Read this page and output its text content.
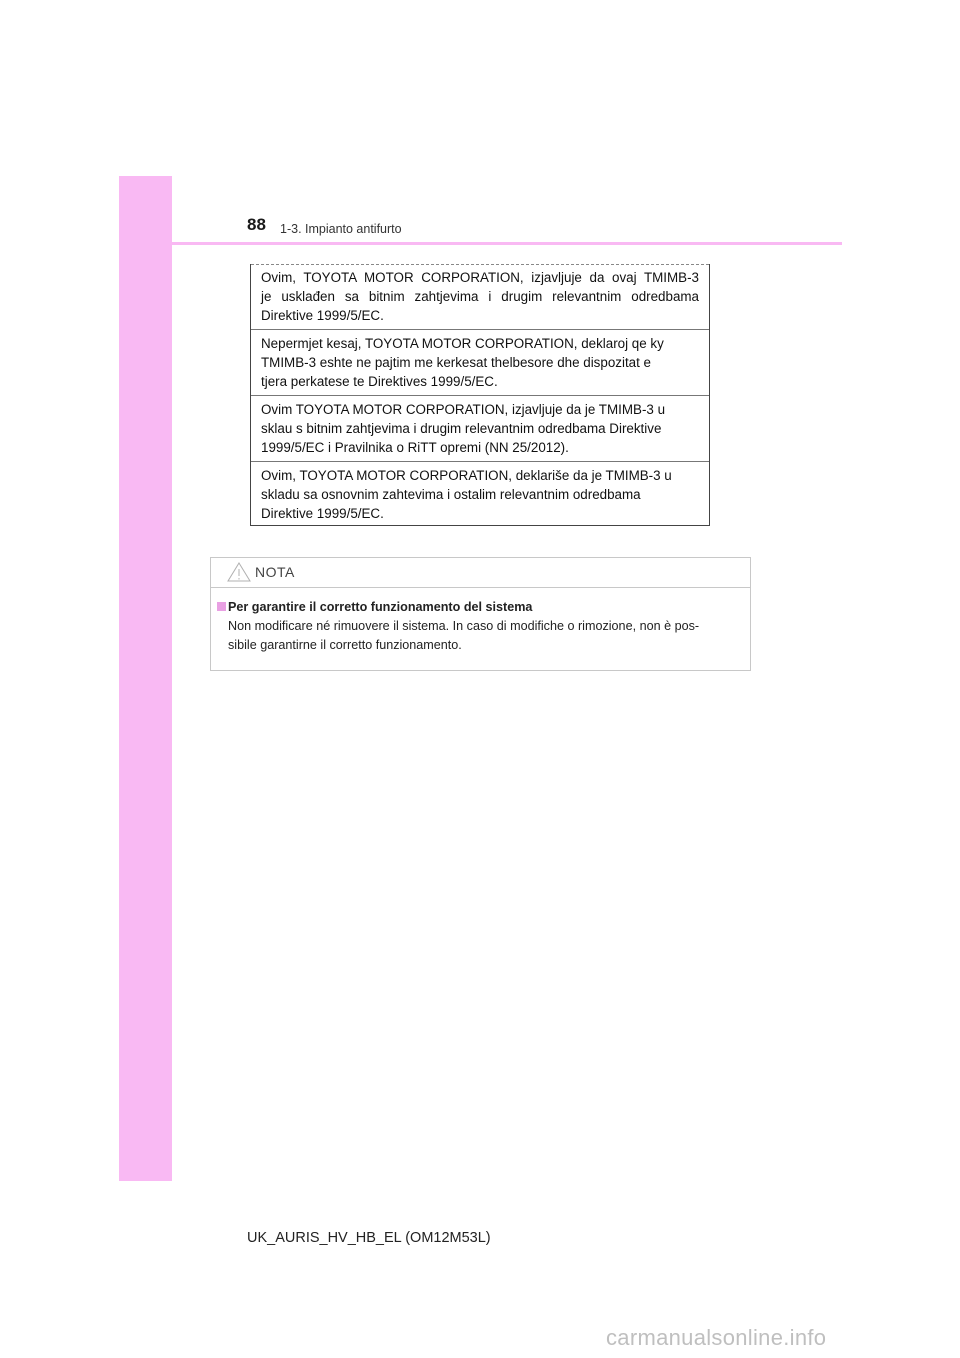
88 1-3. Impianto antifurto

Ovim, TOYOTA MOTOR CORPORATION, izjavljuje da ovaj TMIMB-3

je usklađen sa bitnim zahtjevima i drugim relevantnim odredbama

Direktive 1999/5/EC.

Nepermjet kesaj, TOYOTA MOTOR CORPORATION, deklaroj qe ky

TMIMB-3 eshte ne pajtim me kerkesat thelbesore dhe dispozitat e

tjera perkatese te Direktives 1999/5/EC.

Ovim TOYOTA MOTOR CORPORATION, izjavljuje da je TMIMB-3 u

sklau s bitnim zahtjevima i drugim relevantnim odredbama Direktive

1999/5/EC i Pravilnika o RiTT opremi (NN 25/2012).

Ovim, TOYOTA MOTOR CORPORATION, deklariše da je TMIMB-3 u

skladu sa osnovnim zahtevima i ostalim relevantnim odredbama

Direktive 1999/5/EC.

NOTA
Per garantire il corretto funzionamento del sistema
Non modificare né rimuovere il sistema. In caso di modifiche o rimozione, non è pos-
sibile garantirne il corretto funzionamento.
UK_AURIS_HV_HB_EL (OM12M53L)
carmanualsonline.info
